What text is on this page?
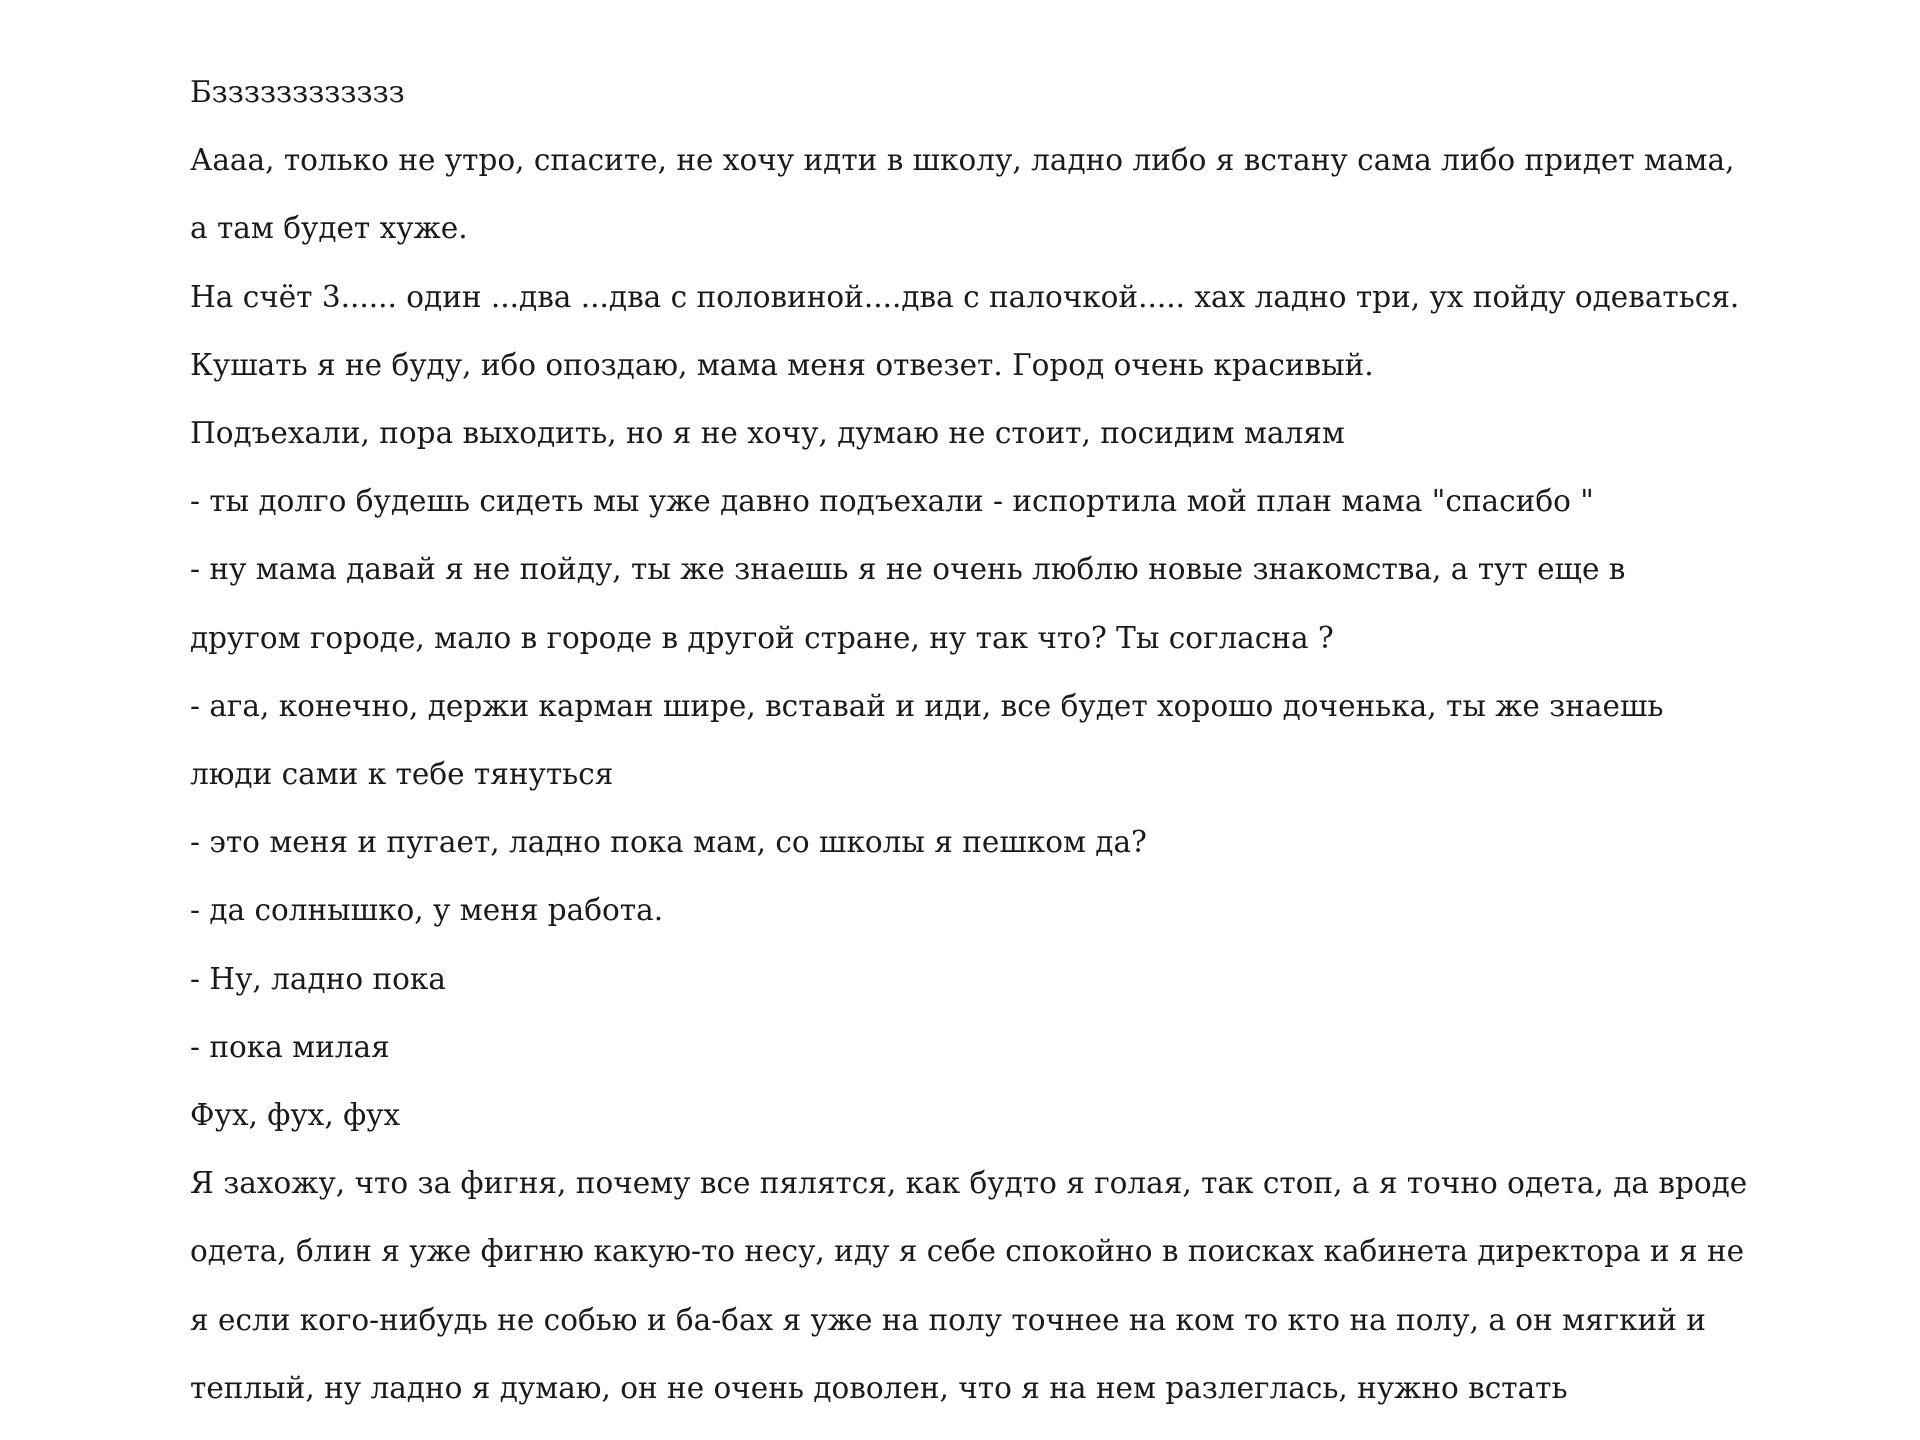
Бзззззззззззз

Аааа, только не утро, спасите, не хочу идти в школу, ладно либо я встану сама либо придет мама,

а там будет хуже.

На счёт 3...... один ...два ...два с половиной....два с палочкой..... хах ладно три, ух пойду одеваться.

Кушать я не буду, ибо опоздаю, мама меня отвезет. Город очень красивый.

Подъехали, пора выходить, но я не хочу, думаю не стоит, посидим малям

- ты долго будешь сидеть мы уже давно подъехали - испортила мой план мама "спасибо "

- ну мама давай я не пойду, ты же знаешь я не очень люблю новые знакомства, а тут еще в

другом городе, мало в городе в другой стране, ну так что? Ты согласна ?

- ага, конечно, держи карман шире, вставай и иди, все будет хорошо доченька, ты же знаешь

люди сами к тебе тянуться

- это меня и пугает, ладно пока мам, со школы я пешком да?

- да солнышко, у меня работа.

- Ну, ладно пока

- пока милая

Фух, фух, фух

Я захожу, что за фигня, почему все пялятся, как будто я голая, так стоп, а я точно одета, да вроде

одета, блин я уже фигню какую-то несу, иду я себе спокойно в поисках кабинета директора и я не

я если кого-нибудь не собью и ба-бах я уже на полу точнее на ком то кто на полу, а он мягкий и

теплый, ну ладно я думаю, он не очень доволен, что я на нем разлеглась, нужно встать
